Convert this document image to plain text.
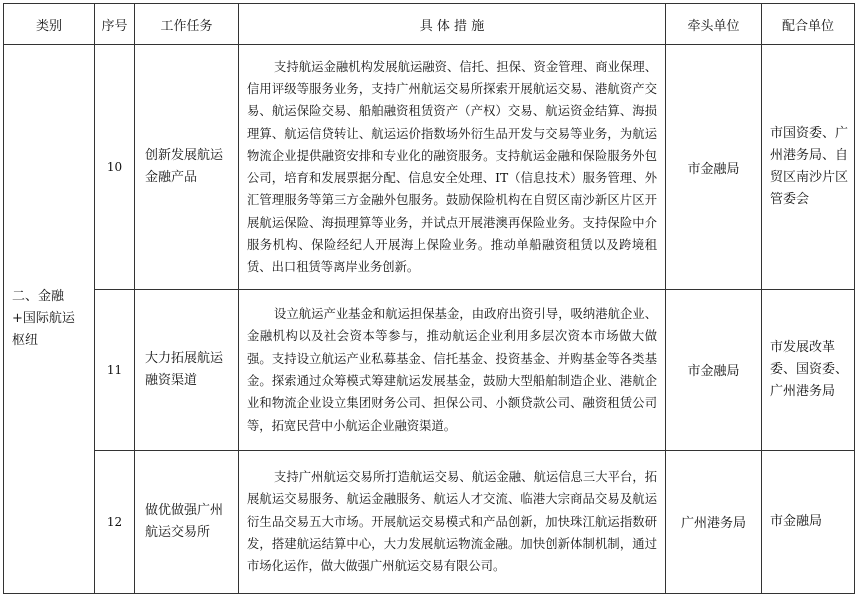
类别	序号	工作任务	具 体 措 施	牵头单位	配合单位
二、金融+国际航运枢纽	10	创新发展航运金融产品	支持航运金融机构发展航运融资、信托、担保、资金管理、商业保理、信用评级等服务业务，支持广州航运交易所探索开展航运交易、港航资产交易、航运保险交易、船舶融资租赁资产（产权）交易、航运资金结算、海损理算、航运信贷转让、航运运价指数场外衍生品开发与交易等业务，为航运物流企业提供融资安排和专业化的融资服务。支持航运金融和保险服务外包公司，培育和发展票据分配、信息安全处理、IT（信息技术）服务管理、外汇管理服务等第三方金融外包服务。鼓励保险机构在自贸区南沙新区片区开展航运保险、海损理算等业务，并试点开展港澳再保险业务。支持保险中介服务机构、保险经纪人开展海上保险业务。推动单船融资租赁以及跨境租赁、出口租赁等离岸业务创新。	市金融局	市国资委、广州港务局、自贸区南沙片区管委会
	11	大力拓展航运融资渠道	设立航运产业基金和航运担保基金，由政府出资引导，吸纳港航企业、金融机构以及社会资本等参与，推动航运企业利用多层次资本市场做大做强。支持设立航运产业私募基金、信托基金、投资基金、并购基金等各类基金。探索通过众筹模式筹建航运发展基金，鼓励大型船舶制造企业、港航企业和物流企业设立集团财务公司、担保公司、小额贷款公司、融资租赁公司等，拓宽民营中小航运企业融资渠道。	市金融局	市发展改革委、国资委、广州港务局
	12	做优做强广州航运交易所	支持广州航运交易所打造航运交易、航运金融、航运信息三大平台，拓展航运交易服务、航运金融服务、航运人才交流、临港大宗商品交易及航运衍生品交易五大市场。开展航运交易模式和产品创新，加快珠江航运指数研发，搭建航运结算中心，大力发展航运物流金融。加快创新体制机制，通过市场化运作，做大做强广州航运交易有限公司。	广州港务局	市金融局
